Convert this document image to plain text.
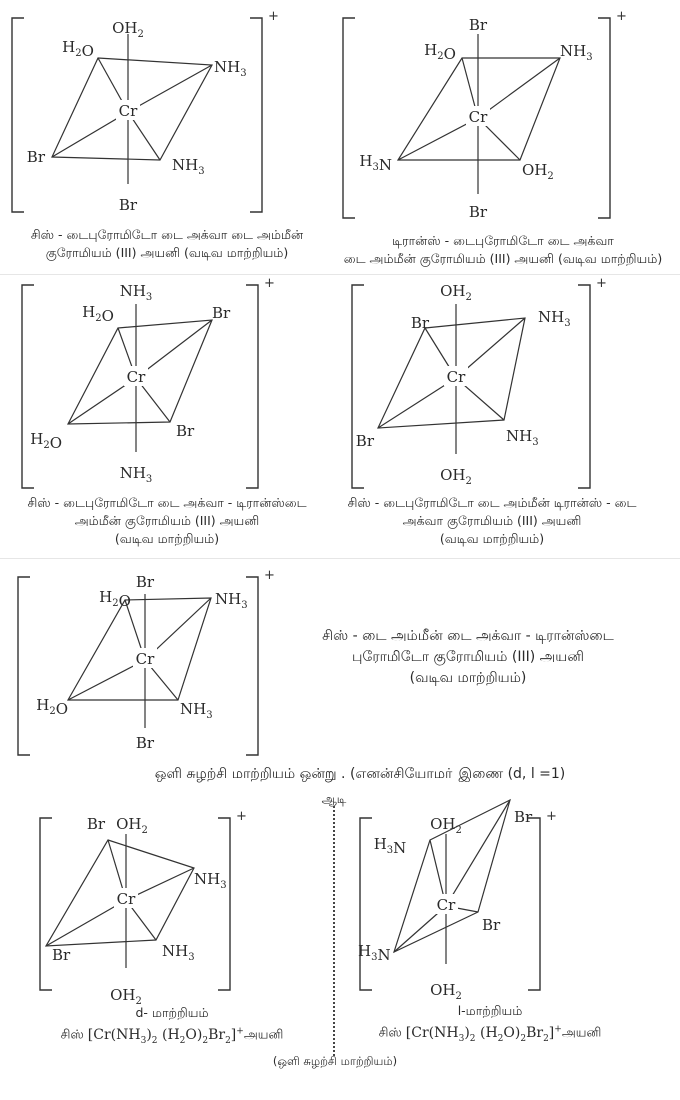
Cr
$OH_2$
Br
$H_2O$
$NH_3$
$NH_3$
Br
+
Cr
Br
Br
$H_2O$	$NH_3$
$OH_2$
$H_3N$
+
Cr
$NH_3$
$NH_3$
$H_2O$	Br
Br
$H_2O$
+
Cr
$OH_2$
$OH_2$
Br	$NH_3$
$NH_3$
Br
+
Cr
Br
Br
$H_2O$	$NH_3$
$NH_3$
$H_2O$
+
Cr
$OH_2$
$OH_2$
Br
$NH_3$
$NH_3$
Br
+
Cr
$OH_2$
$OH_2$
$H_3N$
Br
Br
$H_3N$
+
சிஸ் - டைபுரோமிடோ டை அக்வா டை அம்மீன்
குரோமியம் (III) அயனி (வடிவ மாற்றியம்)
டிரான்ஸ் - டைபுரோமிடோ டை அக்வா
டை அம்மீன் குரோமியம் (III) அயனி (வடிவ மாற்றியம்)
சிஸ் - டைபுரோமிடோ டை அக்வா - டிரான்ஸ்டை
அம்மீன் குரோமியம் (III) அயனி
(வடிவ மாற்றியம்)
சிஸ் - டைபுரோமிடோ டை அம்மீன் டிரான்ஸ் - டை
அக்வா குரோமியம் (III) அயனி
(வடிவ மாற்றியம்)
சிஸ் - டை அம்மீன் டை அக்வா - டிரான்ஸ்டை
புரோமிடோ குரோமியம் (III) அயனி
(வடிவ மாற்றியம்)
ஒளி சுழற்சி மாற்றியம் ஒன்று . (எனன்சியோமா் இணை (d, l =1)
ஆடி
d- மாற்றியம்
சிஸ் [$Cr(NH_3)_2$ $(H_2O)_2Br_2]^+அயனி$
l-மாற்றியம்
சிஸ் [$Cr(NH_3)_2$ $(H_2O)_2Br_2]^+அயனி$
(ஒளி சுழற்சி மாற்றியம்)
